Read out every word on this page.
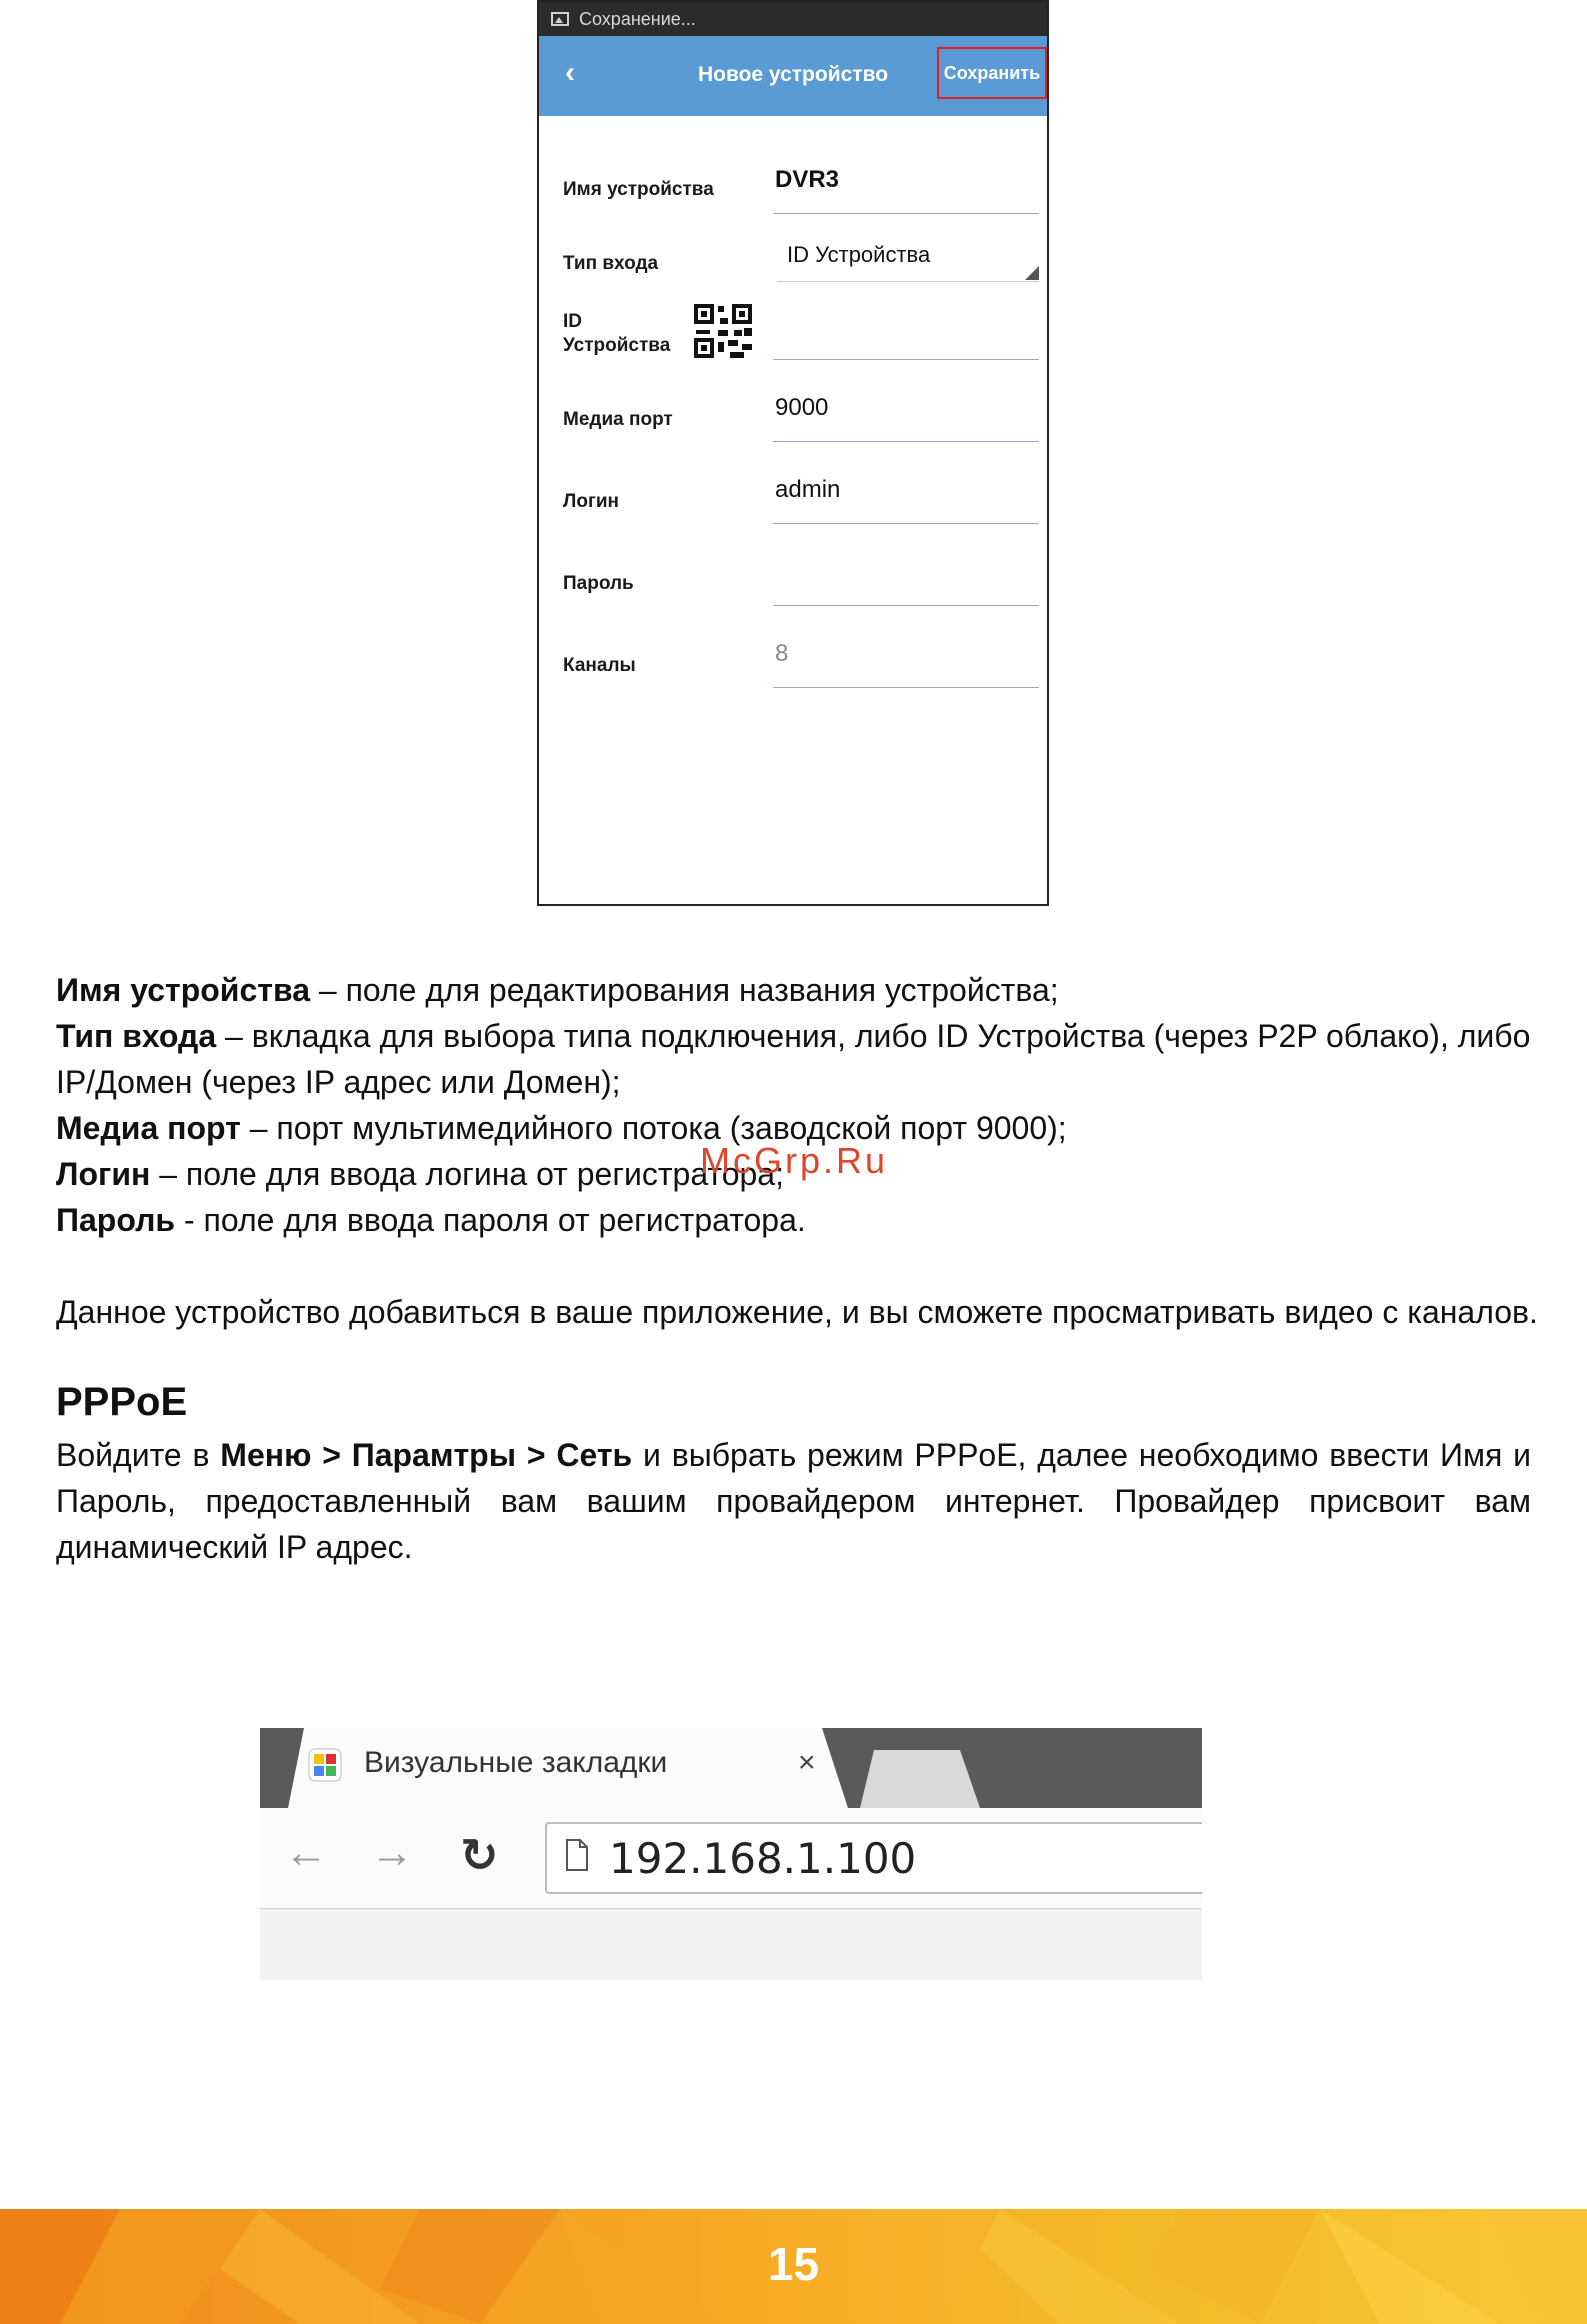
Сохранение...
‹	Новое устройство	Сохранить
Имя устройства	DVR3
Тип входа	ID Устройства
ID
Устройства
Медиа порт	9000
Логин	admin
Пароль
Каналы	8
Имя устройства – поле для редактирования названия устройства;
Тип входа – вкладка для выбора типа подключения, либо ID Устройства (через P2P облако), либо
IP/Домен (через IP адрес или Домен);
Медиа порт – порт мультимедийного потока (заводской порт 9000);
Логин – поле для ввода логина от регистратора;
Пароль - поле для ввода пароля от регистратора.
Данное устройство добавиться в ваше приложение, и вы сможете просматривать видео с каналов.
McGrp.Ru
PPPoE
Войдите в Меню > Парамтры > Сеть и выбрать режим PPPoE, далее необходимо ввести Имя и Пароль, предоставленный вам вашим провайдером интернет. Провайдер присвоит вам динамический IP адрес.
Визуальные закладки	×
← → ↻	192.168.1.100
15
